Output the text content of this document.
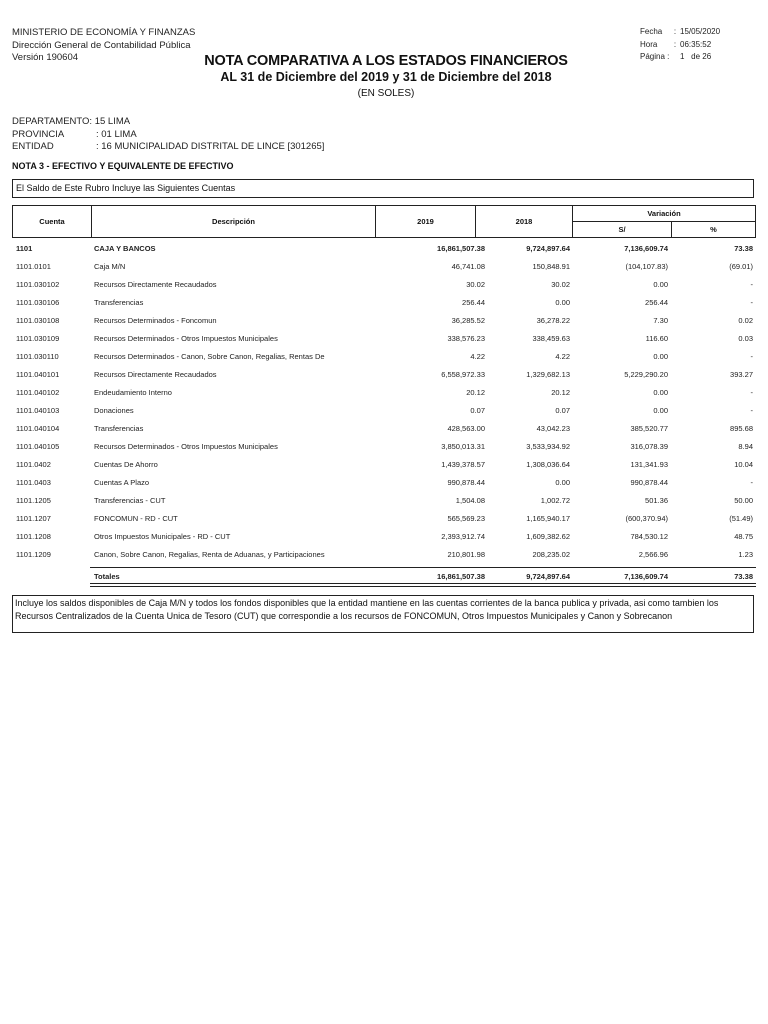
MINISTERIO DE ECONOMÍA Y FINANZAS
Dirección General de Contabilidad Pública
Versión 190604
Fecha	: 15/05/2020
Hora	: 06:35:52
Página :	1   de 26
NOTA COMPARATIVA A LOS ESTADOS FINANCIEROS
AL 31 de Diciembre del 2019 y 31 de Diciembre del 2018
(EN SOLES)
DEPARTAMENTO: 15 LIMA
PROVINCIA	: 01 LIMA
ENTIDAD	: 16 MUNICIPALIDAD DISTRITAL DE LINCE [301265]
NOTA 3 - EFECTIVO Y EQUIVALENTE DE EFECTIVO
El Saldo de Este Rubro Incluye las Siguientes Cuentas
Cuenta	Descripción	2019	2018
Variación
S/	%
1101	CAJA Y BANCOS	16,861,507.38	9,724,897.64	7,136,609.74	73.38
1101.0101	Caja M/N	46,741.08	150,848.91	(104,107.83)	(69.01)
1101.030102	Recursos Directamente Recaudados	30.02	30.02	0.00	-
1101.030106	Transferencias	256.44	0.00	256.44	-
1101.030108	Recursos Determinados - Foncomun	36,285.52	36,278.22	7.30	0.02
1101.030109	Recursos Determinados - Otros Impuestos Municipales	338,576.23	338,459.63	116.60	0.03
1101.030110	Recursos Determinados - Canon, Sobre Canon, Regalias, Rentas De	4.22	4.22	0.00	-
1101.040101	Recursos Directamente Recaudados	6,558,972.33	1,329,682.13	5,229,290.20	393.27
1101.040102	Endeudamiento Interno	20.12	20.12	0.00	-
1101.040103	Donaciones	0.07	0.07	0.00	-
1101.040104	Transferencias	428,563.00	43,042.23	385,520.77	895.68
1101.040105	Recursos Determinados - Otros Impuestos Municipales	3,850,013.31	3,533,934.92	316,078.39	8.94
1101.0402	Cuentas De Ahorro	1,439,378.57	1,308,036.64	131,341.93	10.04
1101.0403	Cuentas A Plazo	990,878.44	0.00	990,878.44	-
1101.1205	Transferencias - CUT	1,504.08	1,002.72	501.36	50.00
1101.1207	FONCOMUN - RD - CUT	565,569.23	1,165,940.17	(600,370.94)	(51.49)
1101.1208	Otros Impuestos Municipales - RD - CUT	2,393,912.74	1,609,382.62	784,530.12	48.75
1101.1209	Canon, Sobre Canon, Regalias, Renta de Aduanas, y Participaciones	210,801.98	208,235.02	2,566.96	1.23
Totales	16,861,507.38	9,724,897.64	7,136,609.74	73.38
Incluye los saldos disponibles de Caja M/N y todos los fondos disponibles que la entidad mantiene en las cuentas corrientes de la banca publica y privada, asi como tambien los Recursos Centralizados de la Cuenta Unica de Tesoro (CUT) que correspondie a los recursos de FONCOMUN, Otros Impuestos Municipales y Canon y Sobrecanon
